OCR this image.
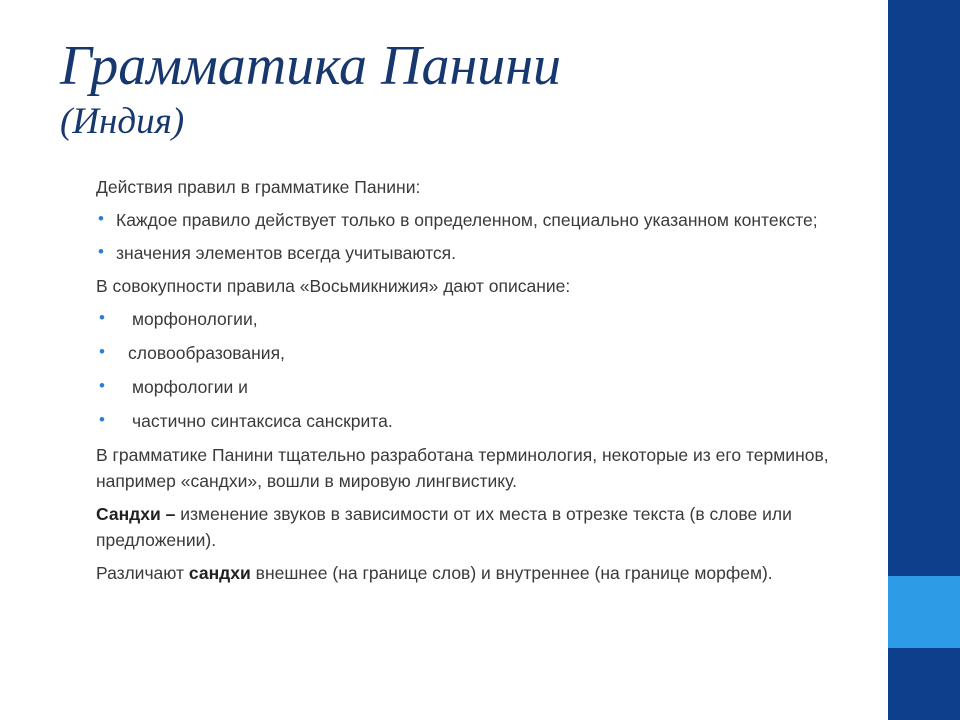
Грамматика Панини
(Индия)

Действия правил в грамматике Панини:

• Каждое правило действует только в определенном, специально указанном контексте;
• значения элементов всегда учитываются.

В совокупности правила «Восьмикнижия» дают описание:

• морфонологии,
• словообразования,
• морфологии и
• частично синтаксиса санскрита.

В грамматике Панини тщательно разработана терминология, некоторые из его терминов, например «сандхи», вошли в мировую лингвистику.

Сандхи – изменение звуков в зависимости от их места в отрезке текста (в слове или предложении).

Различают сандхи внешнее (на границе слов) и внутреннее (на границе морфем).
